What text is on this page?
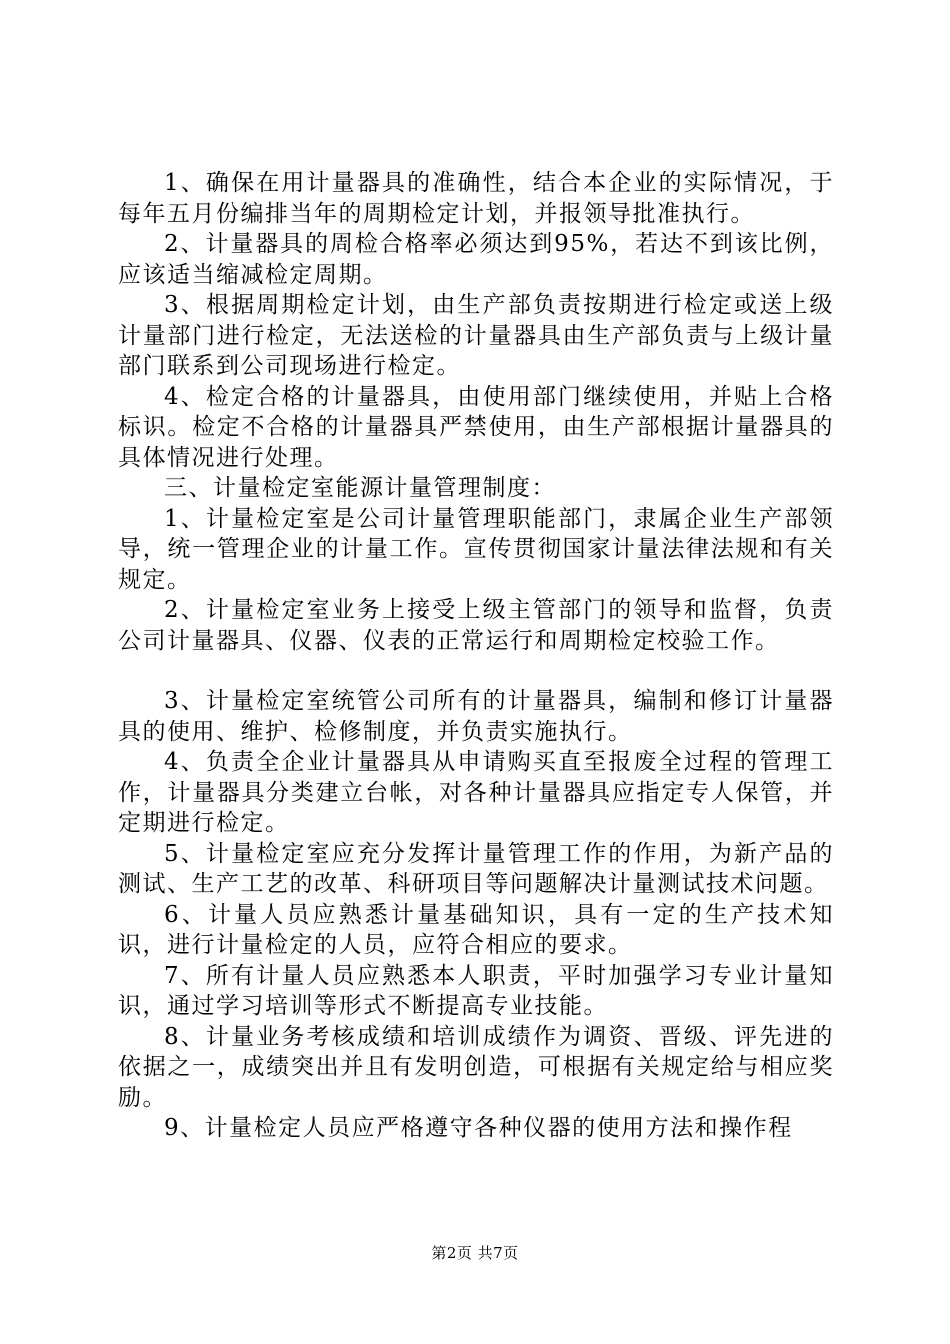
1、确保在用计量器具的准确性，结合本企业的实际情况，于每年五月份编排当年的周期检定计划，并报领导批准执行。

2、计量器具的周检合格率必须达到95%，若达不到该比例，应该适当缩减检定周期。

3、根据周期检定计划，由生产部负责按期进行检定或送上级计量部门进行检定，无法送检的计量器具由生产部负责与上级计量部门联系到公司现场进行检定。

4、检定合格的计量器具，由使用部门继续使用，并贴上合格标识。检定不合格的计量器具严禁使用，由生产部根据计量器具的具体情况进行处理。

三、计量检定室能源计量管理制度：

1、计量检定室是公司计量管理职能部门，隶属企业生产部领导，统一管理企业的计量工作。宣传贯彻国家计量法律法规和有关规定。

2、计量检定室业务上接受上级主管部门的领导和监督，负责公司计量器具、仪器、仪表的正常运行和周期检定校验工作。

3、计量检定室统管公司所有的计量器具，编制和修订计量器具的使用、维护、检修制度，并负责实施执行。

4、负责全企业计量器具从申请购买直至报废全过程的管理工作，计量器具分类建立台帐，对各种计量器具应指定专人保管，并定期进行检定。

5、计量检定室应充分发挥计量管理工作的作用，为新产品的测试、生产工艺的改革、科研项目等问题解决计量测试技术问题。

6、计量人员应熟悉计量基础知识，具有一定的生产技术知识，进行计量检定的人员，应符合相应的要求。

7、所有计量人员应熟悉本人职责，平时加强学习专业计量知识，通过学习培训等形式不断提高专业技能。

8、计量业务考核成绩和培训成绩作为调资、晋级、评先进的依据之一，成绩突出并且有发明创造，可根据有关规定给与相应奖励。

9、计量检定人员应严格遵守各种仪器的使用方法和操作程

第2页 共7页
